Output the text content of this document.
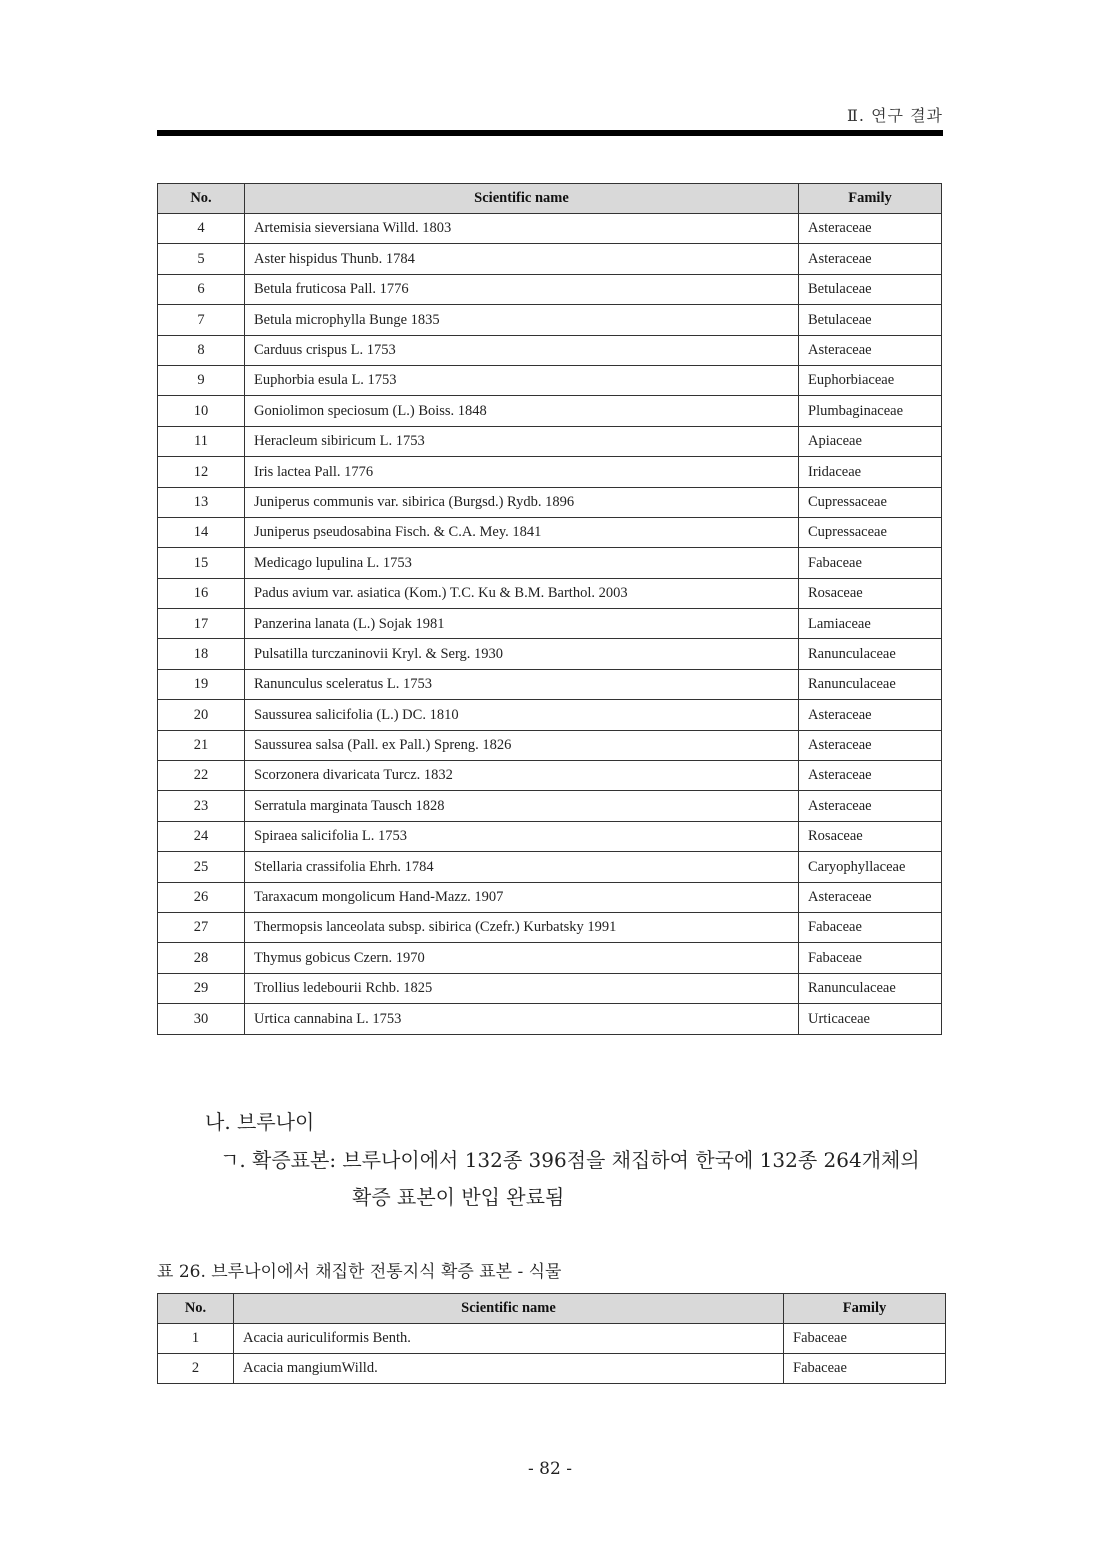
Ⅱ. 연구 결과
No.	Scientific name	Family
4	Artemisia sieversiana Willd. 1803	Asteraceae
5	Aster hispidus Thunb. 1784	Asteraceae
6	Betula fruticosa Pall. 1776	Betulaceae
7	Betula microphylla Bunge 1835	Betulaceae
8	Carduus crispus L. 1753	Asteraceae
9	Euphorbia esula L. 1753	Euphorbiaceae
10	Goniolimon speciosum (L.) Boiss. 1848	Plumbaginaceae
11	Heracleum sibiricum L. 1753	Apiaceae
12	Iris lactea Pall. 1776	Iridaceae
13	Juniperus communis var. sibirica (Burgsd.) Rydb. 1896	Cupressaceae
14	Juniperus pseudosabina Fisch. & C.A. Mey. 1841	Cupressaceae
15	Medicago lupulina L. 1753	Fabaceae
16	Padus avium var. asiatica (Kom.) T.C. Ku & B.M. Barthol. 2003	Rosaceae
17	Panzerina lanata (L.) Sojak 1981	Lamiaceae
18	Pulsatilla turczaninovii Kryl. & Serg. 1930	Ranunculaceae
19	Ranunculus sceleratus L. 1753	Ranunculaceae
20	Saussurea salicifolia (L.) DC. 1810	Asteraceae
21	Saussurea salsa (Pall. ex Pall.) Spreng. 1826	Asteraceae
22	Scorzonera divaricata Turcz. 1832	Asteraceae
23	Serratula marginata Tausch 1828	Asteraceae
24	Spiraea salicifolia L. 1753	Rosaceae
25	Stellaria crassifolia Ehrh. 1784	Caryophyllaceae
26	Taraxacum mongolicum Hand-Mazz. 1907	Asteraceae
27	Thermopsis lanceolata subsp. sibirica (Czefr.) Kurbatsky 1991	Fabaceae
28	Thymus gobicus Czern. 1970	Fabaceae
29	Trollius ledebourii Rchb. 1825	Ranunculaceae
30	Urtica cannabina L. 1753	Urticaceae
나. 브루나이
ㄱ. 확증표본: 브루나이에서 132종 396점을 채집하여 한국에 132종 264개체의
확증 표본이 반입 완료됨
표 26. 브루나이에서 채집한 전통지식 확증 표본 - 식물
No.	Scientific name	Family
1	Acacia auriculiformis Benth.	Fabaceae
2	Acacia mangiumWilld.	Fabaceae
- 82 -
